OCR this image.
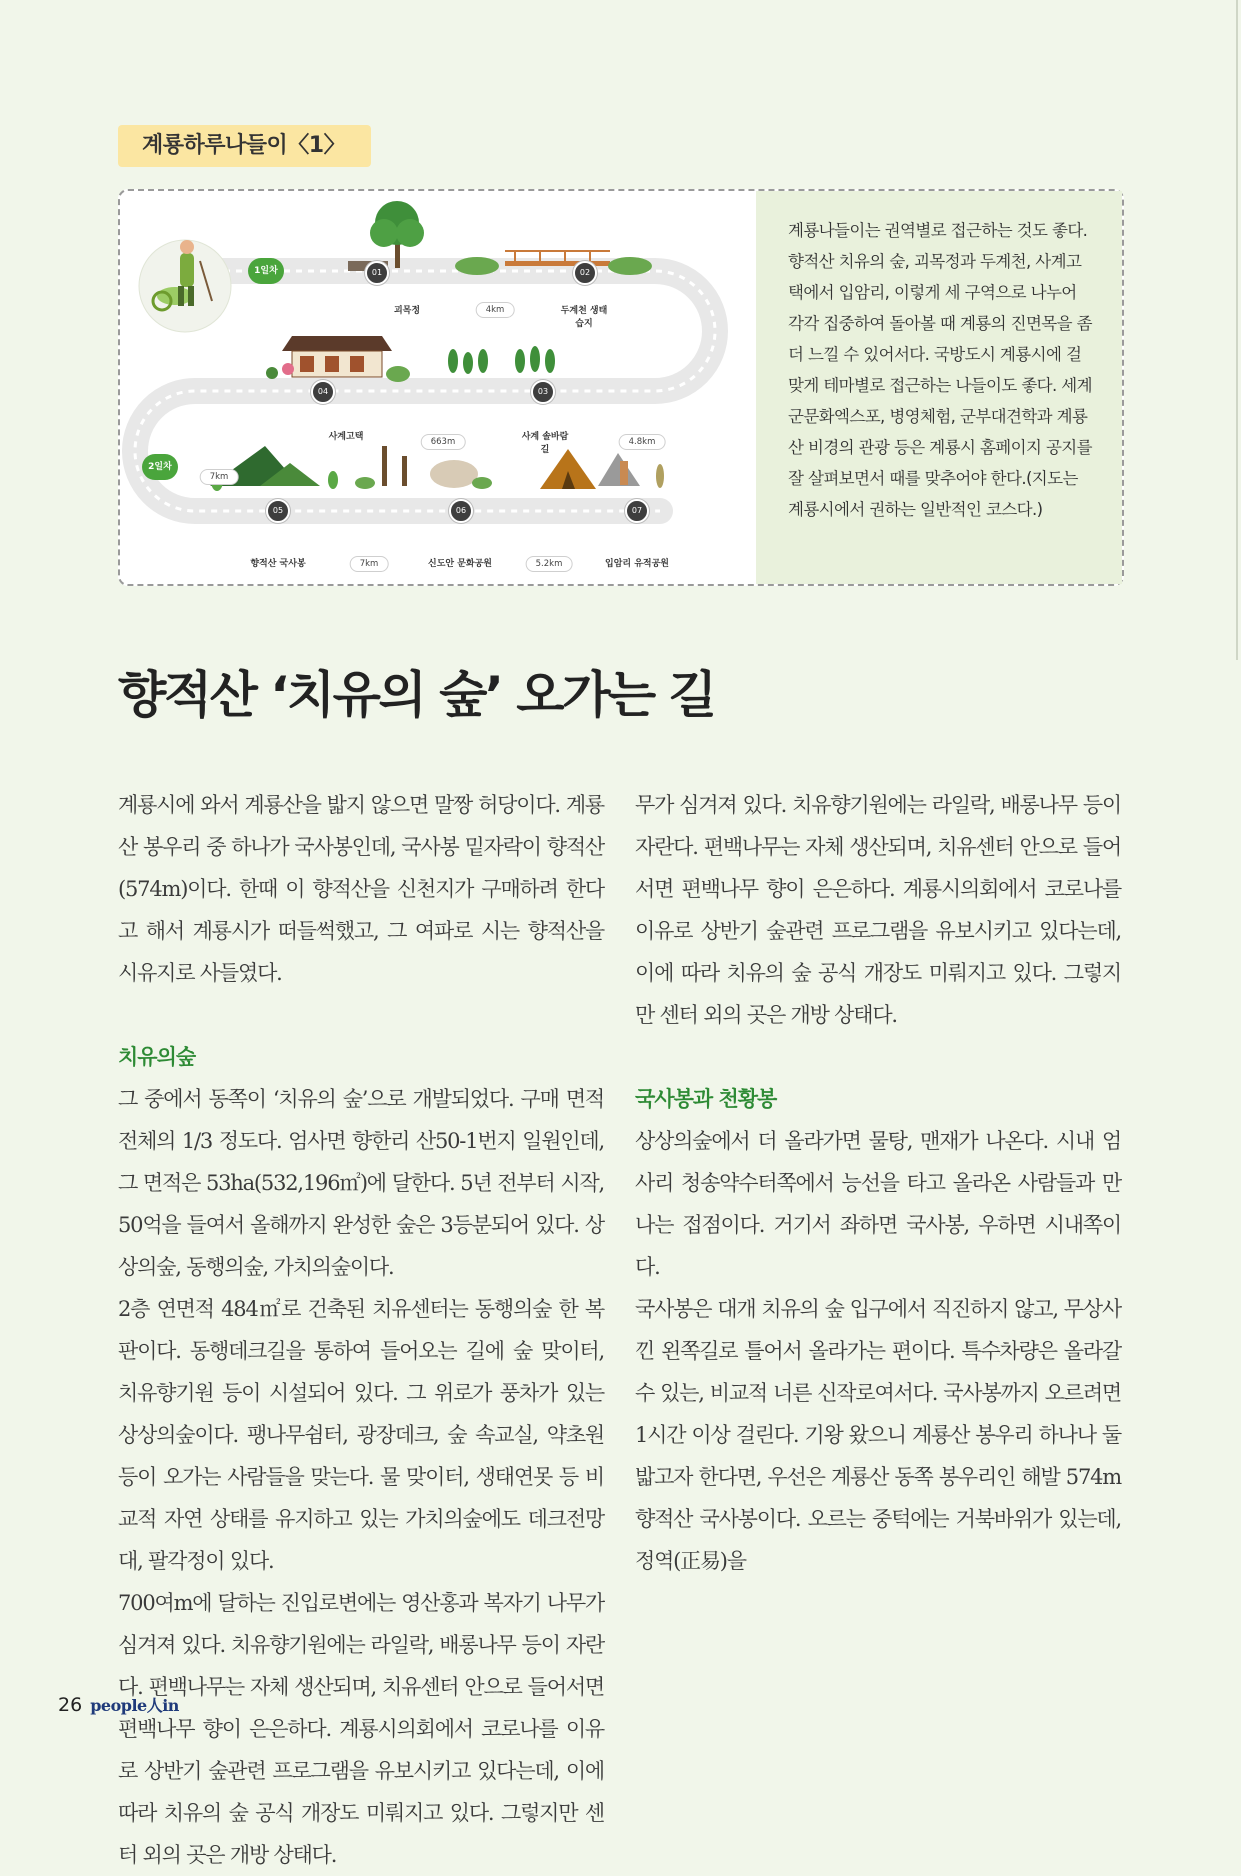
계룡하루나들이〈1〉
1일차
2일차
01	02
03
04
05	06	07
괴목정	두계천 생태습지
사계 솔바람길
사계고택
향적산 국사봉	신도안 문화공원	입암리 유적공원
4km
4.8km
663m
7km
7km	5.2km
계룡나들이는 권역별로 접근하는 것도 좋다. 향적산 치유의 숲, 괴목정과 두계천, 사계고택에서 입암리, 이렇게 세 구역으로 나누어 각각 집중하여 돌아볼 때 계룡의 진면목을 좀더 느낄 수 있어서다. 국방도시 계룡시에 걸맞게 테마별로 접근하는 나들이도 좋다. 세계군문화엑스포, 병영체험, 군부대견학과 계룡산 비경의 관광 등은 계룡시 홈페이지 공지를 잘 살펴보면서 때를 맞추어야 한다.(지도는 계룡시에서 권하는 일반적인 코스다.)
향적산 ‘치유의 숲’ 오가는 길

계룡시에 와서 계룡산을 밟지 않으면 말짱 허당이다. 계룡산 봉우리 중 하나가 국사봉인데, 국사봉 밑자락이 향적산(574m)이다. 한때 이 향적산을 신천지가 구매하려 한다고 해서 계룡시가 떠들썩했고, 그 여파로 시는 향적산을 시유지로 사들였다.

치유의숲

그 중에서 동쪽이 ‘치유의 숲’으로 개발되었다. 구매 면적 전체의 1/3 정도다. 엄사면 향한리 산50-1번지 일원인데, 그 면적은 53ha(532,196㎡)에 달한다. 5년 전부터 시작, 50억을 들여서 올해까지 완성한 숲은 3등분되어 있다. 상상의숲, 동행의숲, 가치의숲이다.

2층 연면적 484㎡로 건축된 치유센터는 동행의숲 한 복판이다. 동행데크길을 통하여 들어오는 길에 숲 맞이터, 치유향기원 등이 시설되어 있다. 그 위로가 풍차가 있는 상상의숲이다. 팽나무쉼터, 광장데크, 숲 속교실, 약초원 등이 오가는 사람들을 맞는다. 물 맞이터, 생태연못 등 비교적 자연 상태를 유지하고 있는 가치의숲에도 데크전망대, 팔각정이 있다.

700여m에 달하는 진입로변에는 영산홍과 복자기 나무가 심겨져 있다. 치유향기원에는 라일락, 배롱나무 등이 자란다. 편백나무는 자체 생산되며, 치유센터 안으로 들어서면 편백나무 향이 은은하다. 계룡시의회에서 코로나를 이유로 상반기 숲관련 프로그램을 유보시키고 있다는데, 이에 따라 치유의 숲 공식 개장도 미뤄지고 있다. 그렇지만 센터 외의 곳은 개방 상태다.

무가 심겨져 있다. 치유향기원에는 라일락, 배롱나무 등이 자란다. 편백나무는 자체 생산되며, 치유센터 안으로 들어서면 편백나무 향이 은은하다. 계룡시의회에서 코로나를 이유로 상반기 숲관련 프로그램을 유보시키고 있다는데, 이에 따라 치유의 숲 공식 개장도 미뤄지고 있다. 그렇지만 센터 외의 곳은 개방 상태다.

국사봉과 천황봉

상상의숲에서 더 올라가면 물탕, 맨재가 나온다. 시내 엄사리 청송약수터쪽에서 능선을 타고 올라온 사람들과 만나는 접점이다. 거기서 좌하면 국사봉, 우하면 시내쪽이다.

국사봉은 대개 치유의 숲 입구에서 직진하지 않고, 무상사 낀 왼쪽길로 틀어서 올라가는 편이다. 특수차량은 올라갈 수 있는, 비교적 너른 신작로여서다. 국사봉까지 오르려면 1시간 이상 걸린다. 기왕 왔으니 계룡산 봉우리 하나나 둘 밟고자 한다면, 우선은 계룡산 동쪽 봉우리인 해발 574m 향적산 국사봉이다. 오르는 중턱에는 거북바위가 있는데, 정역(正易)을

26 people人in
